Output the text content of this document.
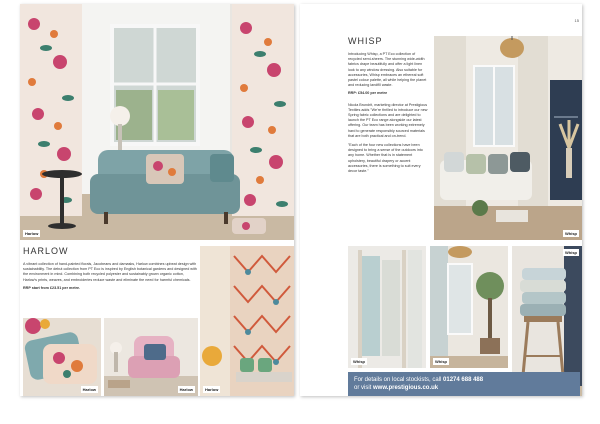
Harlow
HARLOW
A vibrant collection of hand-painted florals, Jacobeans and damasks, Harlow combines upbeat design with sustainability. The debut collection from PT Eco is inspired by English botanical gardens and designed with the environment in mind. Combining both recycled polyester and sustainably grown organic cotton, Harlow's prints, weaves, and embroideries reduce waste and eliminate the need for harmful chemicals.
RRP start from £23.51 per metre.
Harlow
Harlow	Harlow
15
WHISP
Introducing Whisp, a PT Eco collection of recycled semi-sheers. The stunning wide-width fabrics drape beautifully and offer a light linen look to any window dressing. Also suitable for accessories, Whisp embraces an ethereal soft pastel colour palette, all while helping the planet and reducing landfill waste.
RRP: £54.00 per metre
Nicola Brundrit, marketing director at Prestigious Textiles adds "We're thrilled to introduce our new Spring fabric collections and are delighted to launch the PT Eco range alongside our latest offering. Our team has been working extremely hard to generate responsibly sourced materials that are both practical and on-trend.
"Each of the four new collections have been designed to bring a sense of the outdoors into any home. Whether that is in statement upholstery, beautiful drapery or accent accessories, there is something to suit every decor taste."
Whisp
Whisp	Whisp
Whisp
For details on local stockists, call 01274 688 488
or visit www.prestigious.co.uk
